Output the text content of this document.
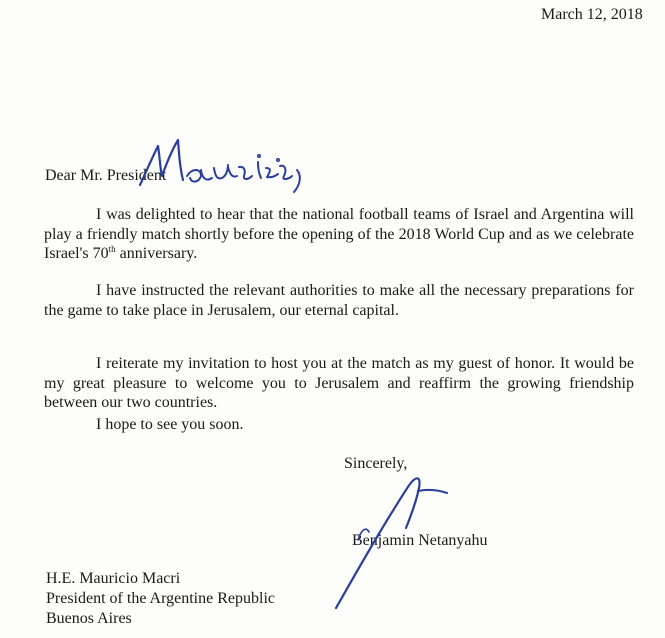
March 12, 2018
Dear Mr. President
I was delighted to hear that the national football teams of Israel and Argentina will play a friendly match shortly before the opening of the 2018 World Cup and as we celebrate Israel's 70th anniversary.
I have instructed the relevant authorities to make all the necessary preparations for the game to take place in Jerusalem, our eternal capital.
I reiterate my invitation to host you at the match as my guest of honor. It would be my great pleasure to welcome you to Jerusalem and reaffirm the growing friendship between our two countries.
I hope to see you soon.
Sincerely,
Benjamin Netanyahu
H.E. Mauricio Macri
President of the Argentine Republic
Buenos Aires
